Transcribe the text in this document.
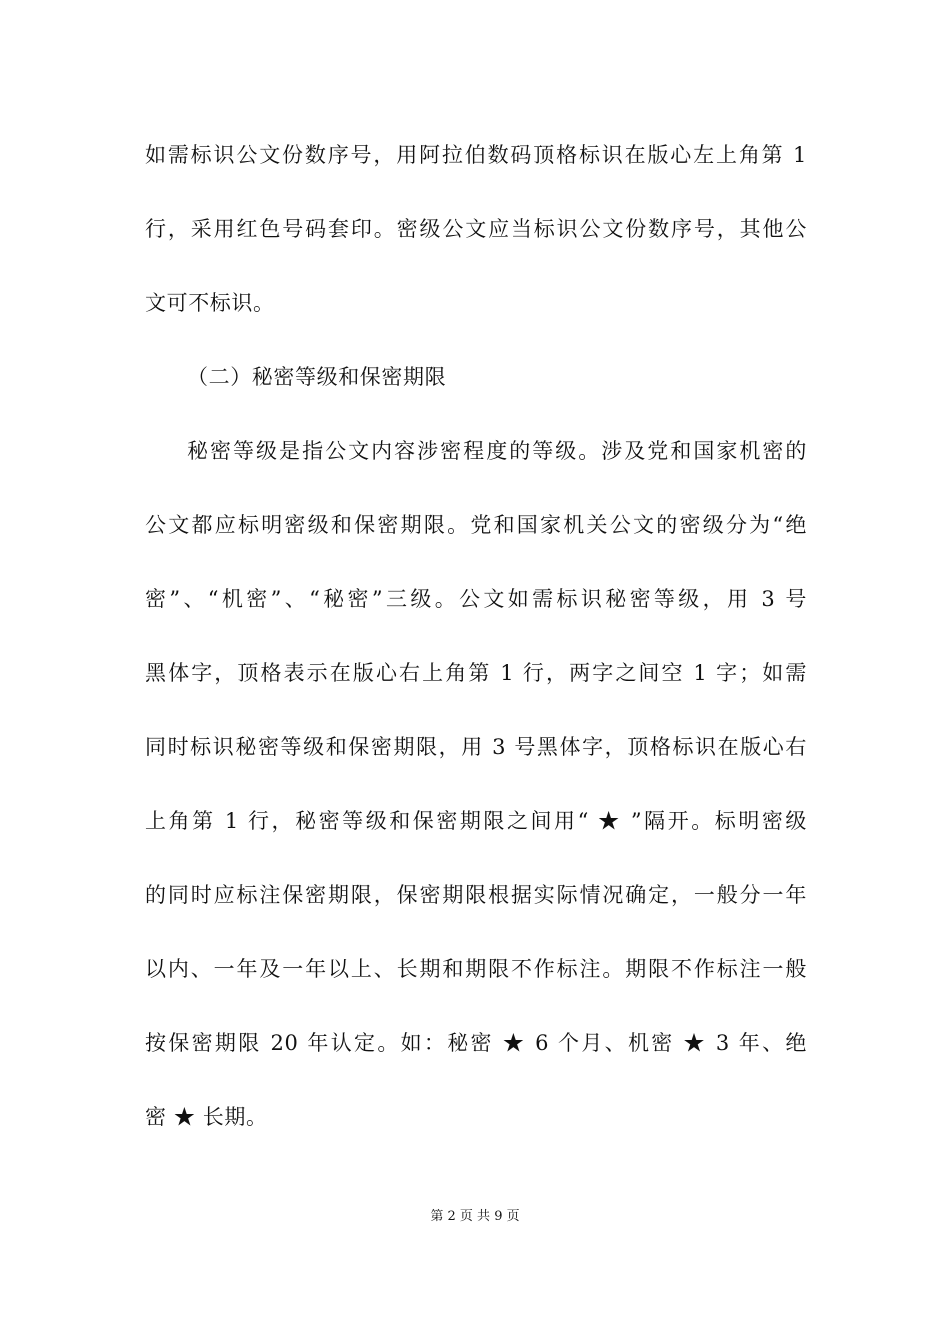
如需标识公文份数序号，用阿拉伯数码顶格标识在版心左上角第 1
行，采用红色号码套印。密级公文应当标识公文份数序号，其他公
文可不标识。
（二）秘密等级和保密期限
秘密等级是指公文内容涉密程度的等级。涉及党和国家机密的
公文都应标明密级和保密期限。党和国家机关公文的密级分为“绝
密”、“机密”、“秘密”三级。公文如需标识秘密等级，用 3 号
黑体字，顶格表示在版心右上角第 1 行，两字之间空 1 字；如需
同时标识秘密等级和保密期限，用 3 号黑体字，顶格标识在版心右
上角第 1 行，秘密等级和保密期限之间用“ ★ ”隔开。标明密级
的同时应标注保密期限，保密期限根据实际情况确定，一般分一年
以内、一年及一年以上、长期和期限不作标注。期限不作标注一般
按保密期限 20 年认定。如：秘密 ★ 6 个月、机密 ★ 3 年、绝
密 ★ 长期。
第 2 页 共 9 页
